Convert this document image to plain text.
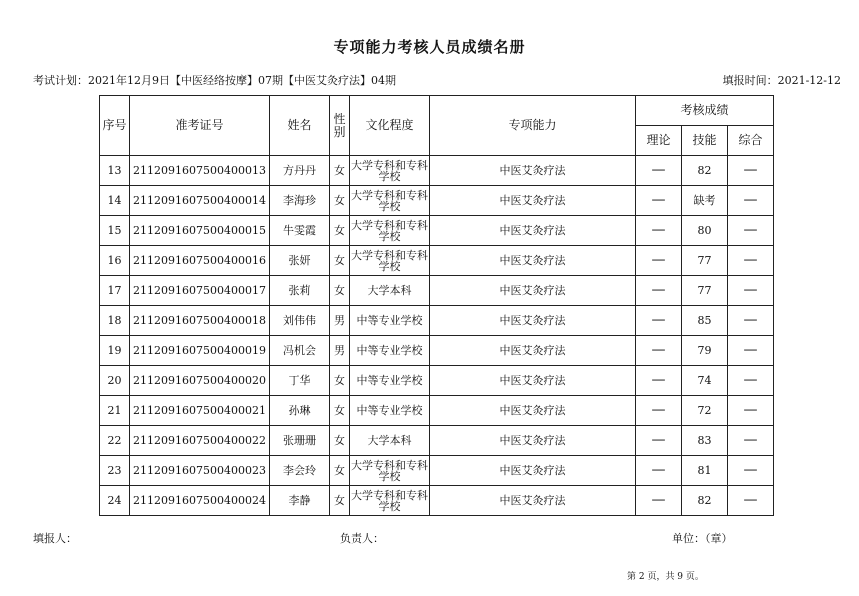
专项能力考核人员成绩名册
考试计划：2021年12月9日【中医经络按摩】07期【中医艾灸疗法】04期	填报时间：2021-12-12
序号	准考证号	姓名	性别	文化程度	专项能力	考核成绩		
						理论	技能	综合
13	211209160750040001​3	方丹丹	女	大学专科和专科学校	中医艾灸疗法	—	82	—
14	2112091607500400014	李海珍	女	大学专科和专科学校	中医艾灸疗法	—	缺考	—
15	2112091607500400015	牛雯霞	女	大学专科和专科学校	中医艾灸疗法	—	80	—
16	2112091607500400016	张妍	女	大学专科和专科学校	中医艾灸疗法	—	77	—
17	2112091607500400017	张莉	女	大学本科	中医艾灸疗法	—	77	—
18	2112091607500400018	刘伟伟	男	中等专业学校	中医艾灸疗法	—	85	—
19	2112091607500400019	冯机会	男	中等专业学校	中医艾灸疗法	—	79	—
20	2112091607500400020	丁华	女	中等专业学校	中医艾灸疗法	—	74	—
21	2112091607500400021	孙琳	女	中等专业学校	中医艾灸疗法	—	72	—
22	2112091607500400022	张珊珊	女	大学本科	中医艾灸疗法	—	83	—
23	2112091607500400023	李会玲	女	大学专科和专科学校	中医艾灸疗法	—	81	—
24	2112091607500400024	李静	女	大学专科和专科学校	中医艾灸疗法	—	82	—
填报人：	负责人：	单位：（章）
第 2 页，共 9 页。
